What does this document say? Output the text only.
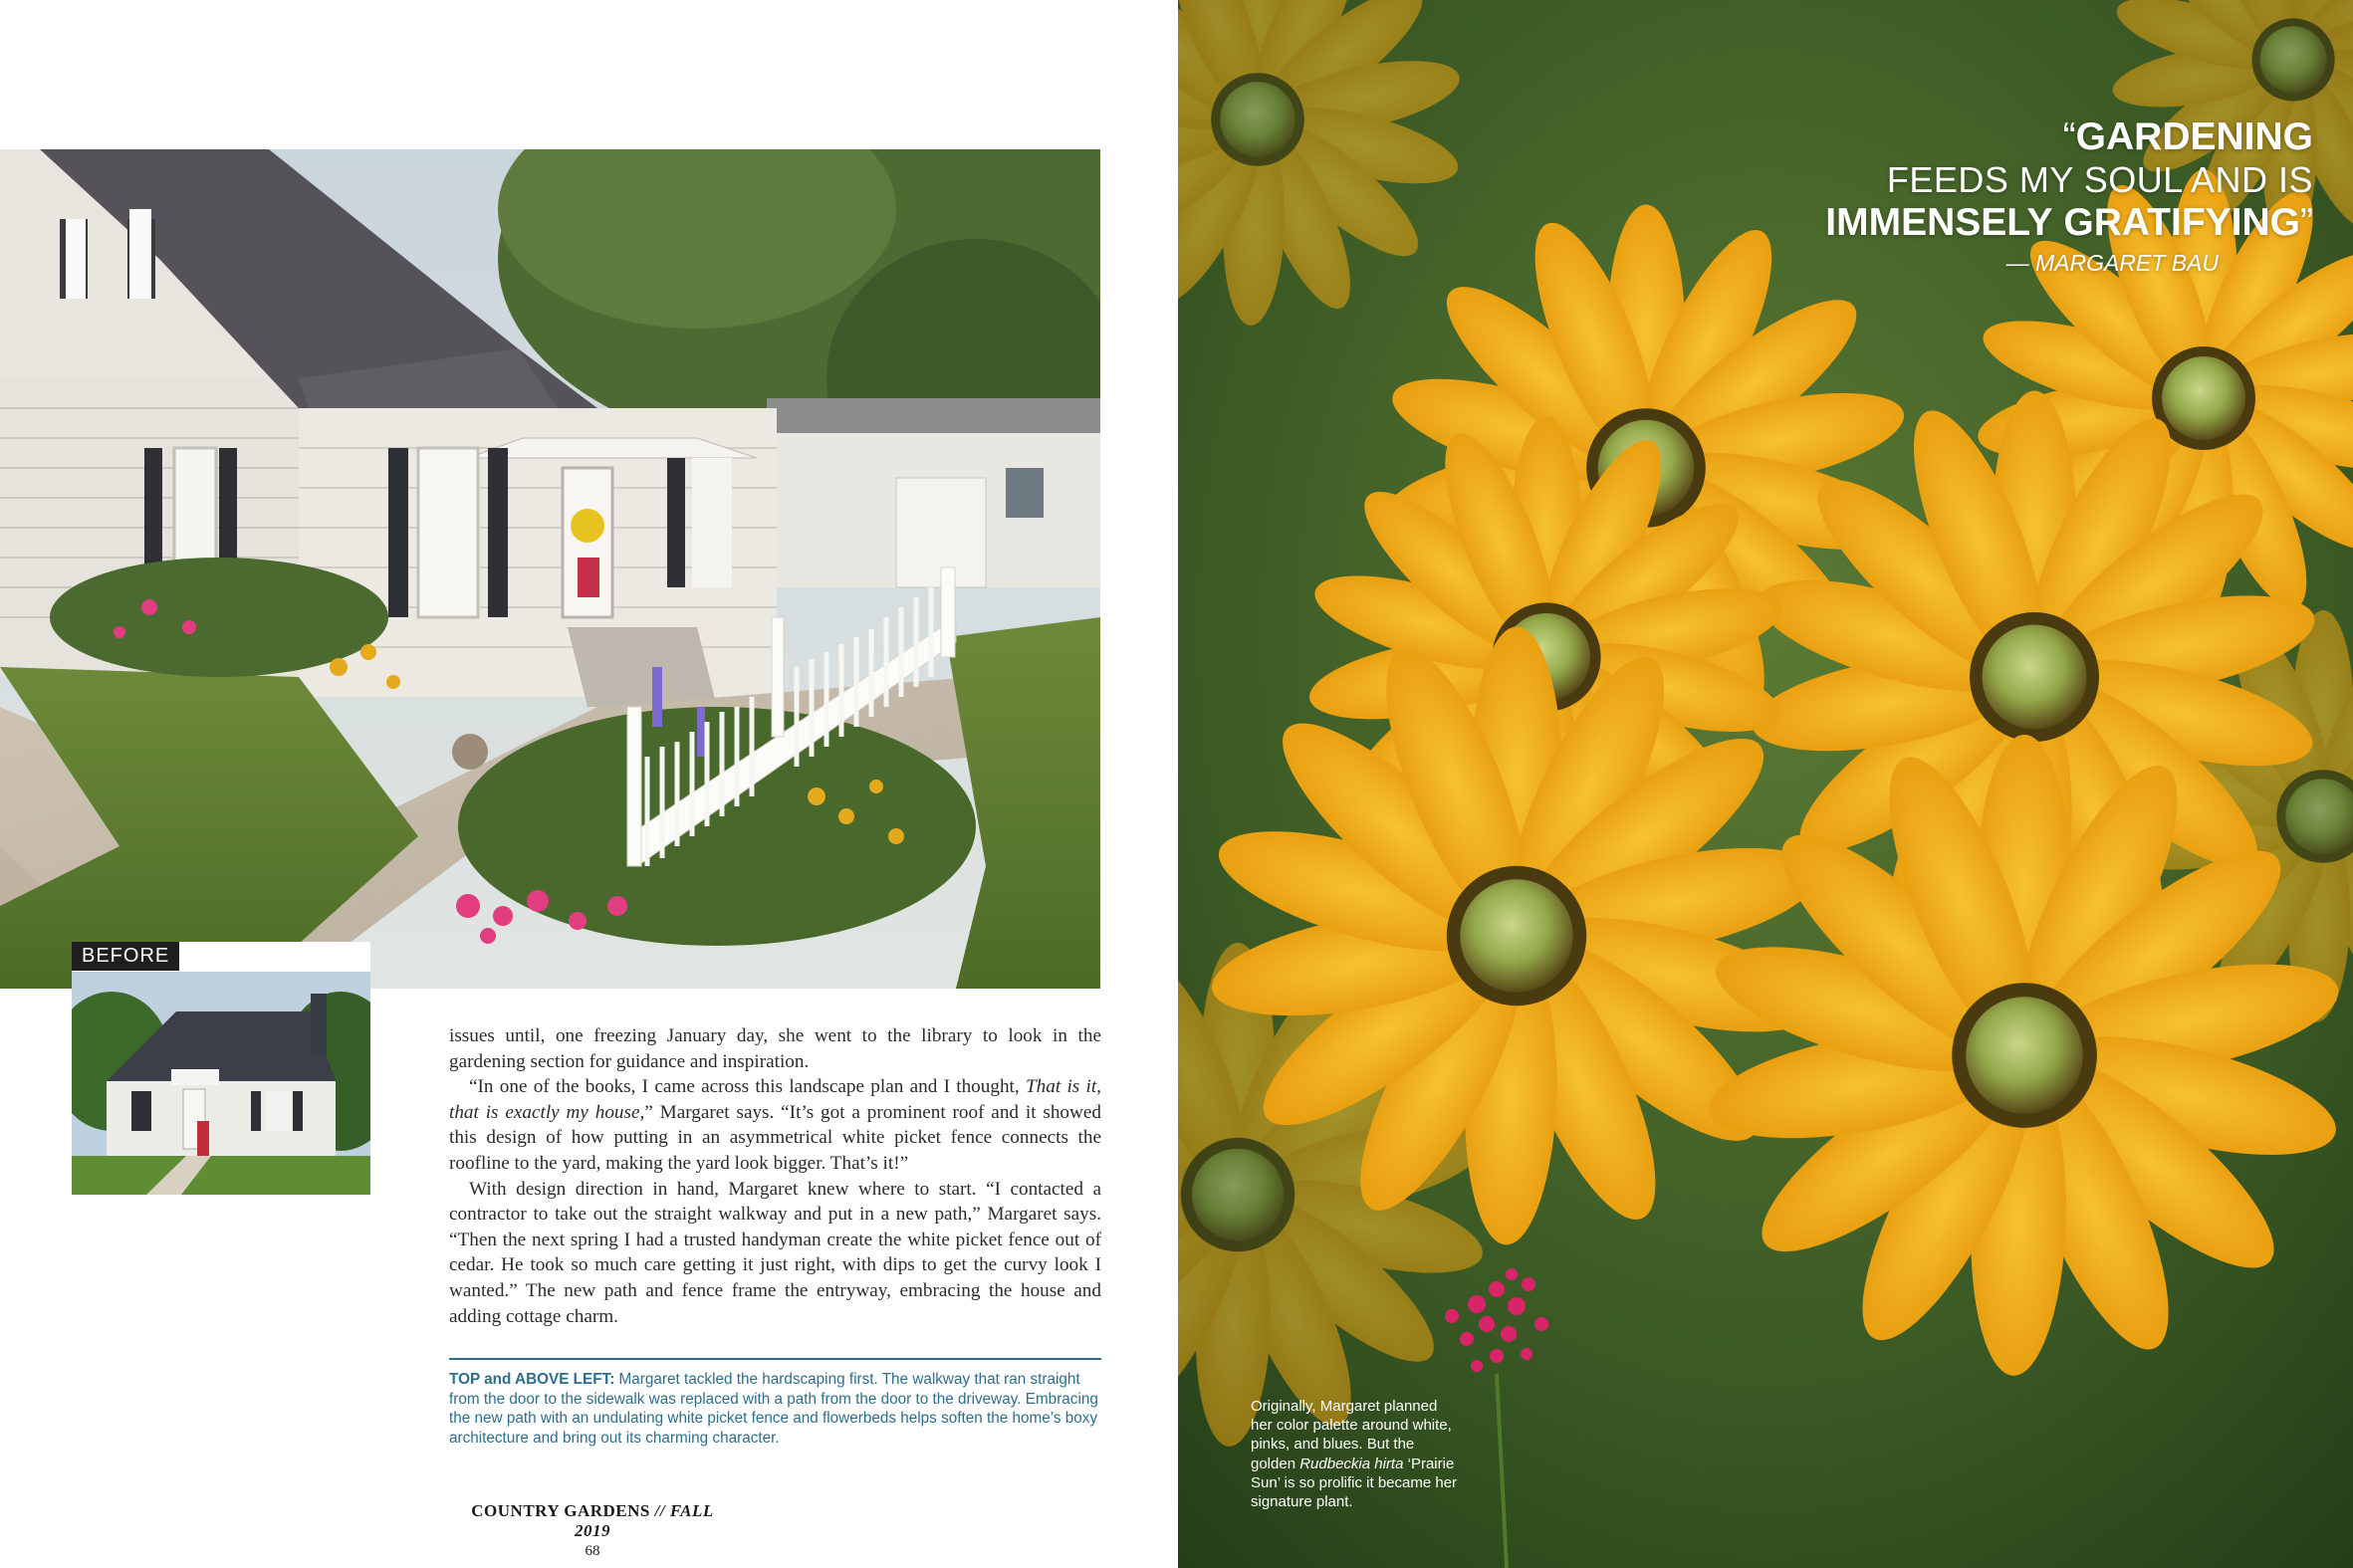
BEFORE

issues until, one freezing January day, she went to the library to look in the gardening section for guidance and inspiration.

“In one of the books, I came across this landscape plan and I thought, That is it, that is exactly my house,” Margaret says. “It’s got a prominent roof and it showed this design of how putting in an asymmetrical white picket fence connects the roofline to the yard, making the yard look bigger. That’s it!”

With design direction in hand, Margaret knew where to start. “I contacted a contractor to take out the straight walkway and put in a new path,” Margaret says. “Then the next spring I had a trusted handyman create the white picket fence out of cedar. He took so much care getting it just right, with dips to get the curvy look I wanted.” The new path and fence frame the entryway, embracing the house and adding cottage charm.

TOP and ABOVE LEFT: Margaret tackled the hardscaping first. The walkway that ran straight from the door to the sidewalk was replaced with a path from the door to the driveway. Embracing the new path with an undulating white picket fence and flowerbeds helps soften the home’s boxy architecture and bring out its charming character.
COUNTRY GARDENS // FALL 2019
68
“GARDENING
FEEDS MY SOUL AND IS
IMMENSELY GRATIFYING”
— MARGARET BAU
Originally, Margaret planned her color palette around white, pinks, and blues. But the golden Rudbeckia hirta ‘Prairie Sun’ is so prolific it became her signature plant.
